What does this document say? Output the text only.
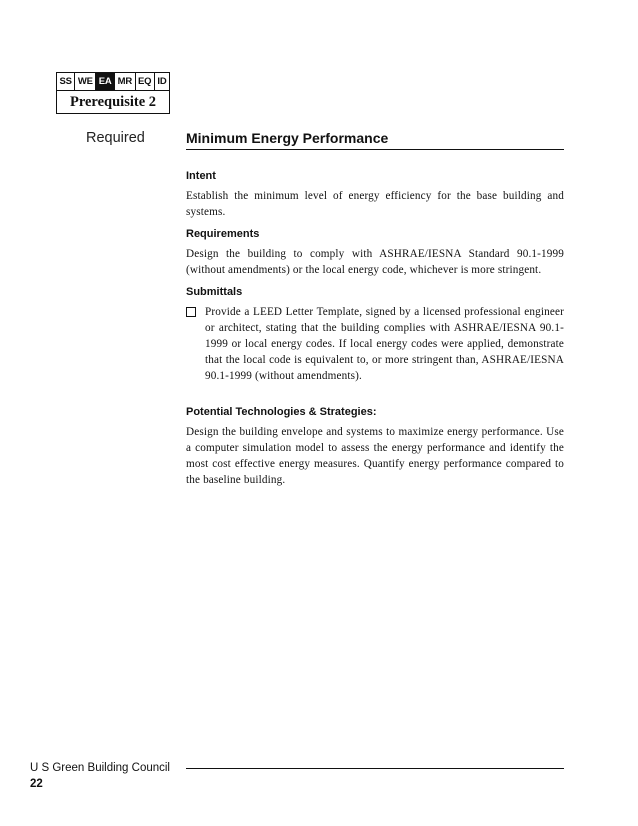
SS WE EA MR EQ ID
Prerequisite 2
Required	Minimum Energy Performance
Intent

Establish the minimum level of energy efficiency for the base building and systems.

Requirements

Design the building to comply with ASHRAE/IESNA Standard 90.1-1999 (without amendments) or the local energy code, whichever is more stringent.

Submittals

Provide a LEED Letter Template, signed by a licensed professional engineer or architect, stating that the building complies with ASHRAE/IESNA 90.1-1999 or local energy codes. If local energy codes were applied, demonstrate that the local code is equivalent to, or more stringent than, ASHRAE/IESNA 90.1-1999 (without amendments).

Potential Technologies & Strategies:

Design the building envelope and systems to maximize energy performance. Use a computer simulation model to assess the energy performance and identify the most cost effective energy measures. Quantify energy performance compared to the baseline building.

U S Green Building Council
22
